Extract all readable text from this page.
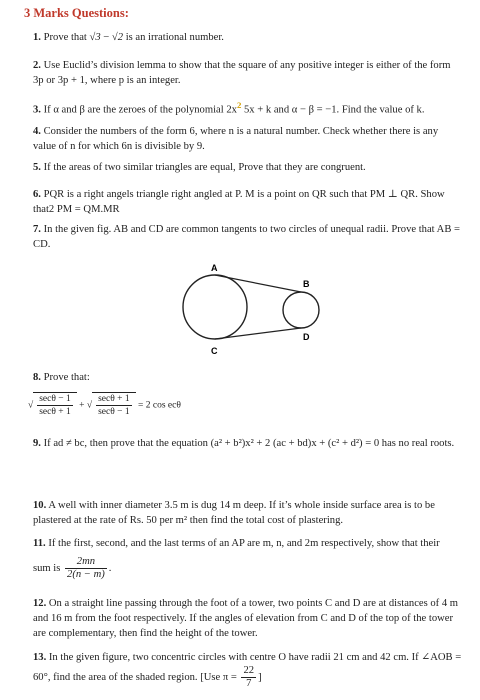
3 Marks Questions:
1. Prove that √3 − √2 is an irrational number.
2. Use Euclid’s division lemma to show that the square of any positive integer is either of the form 3p or 3p + 1, where p is an integer.
3. If α and β are the zeroes of the polynomial $2x^2$ 5x + k and α − β = −1. Find the value of k.
4. Consider the numbers of the form 6, where n is a natural number. Check whether there is any value of n for which 6n is divisible by 9.
5. If the areas of two similar triangles are equal, Prove that they are congruent.
6. PQR is a right angels triangle right angled at P. M is a point on QR such that PM ⊥ QR. Show that2 PM = QM.MR
7. In the given fig. AB and CD are common tangents to two circles of unequal radii. Prove that AB = CD.
A
B
C
D
8. Prove that:
√ $\frac{\sec\theta - 1}{\sec\theta + 1}$ + √ $\frac{\sec\theta + 1}{\sec\theta - 1} = 2$ cos ecθ
9. If ad ≠ bc, then prove that the equation (a² + b²)x² + 2 (ac + bd)x + (c² + d²) = 0 has no real roots.
10. A well with inner diameter 3.5 m is dug 14 m deep. If it’s whole inside surface area is to be plastered at the rate of Rs. 50 per m² then find the total cost of plastering.
11. If the first, second, and the last terms of an AP are m, n, and 2m respectively, show that their
sum is $\frac{2mn}{2(n - m)}$ .
12. On a straight line passing through the foot of a tower, two points C and D are at distances of 4 m and 16 m from the foot respectively. If the angles of elevation from C and D of the top of the tower are complementary, then find the height of the tower.
13. In the given figure, two concentric circles with centre O have radii 21 cm and 42 cm. If ∠AOB = 60°, find the area of the shaded region. [Use $\pi = \frac{22}{7}$ ]
